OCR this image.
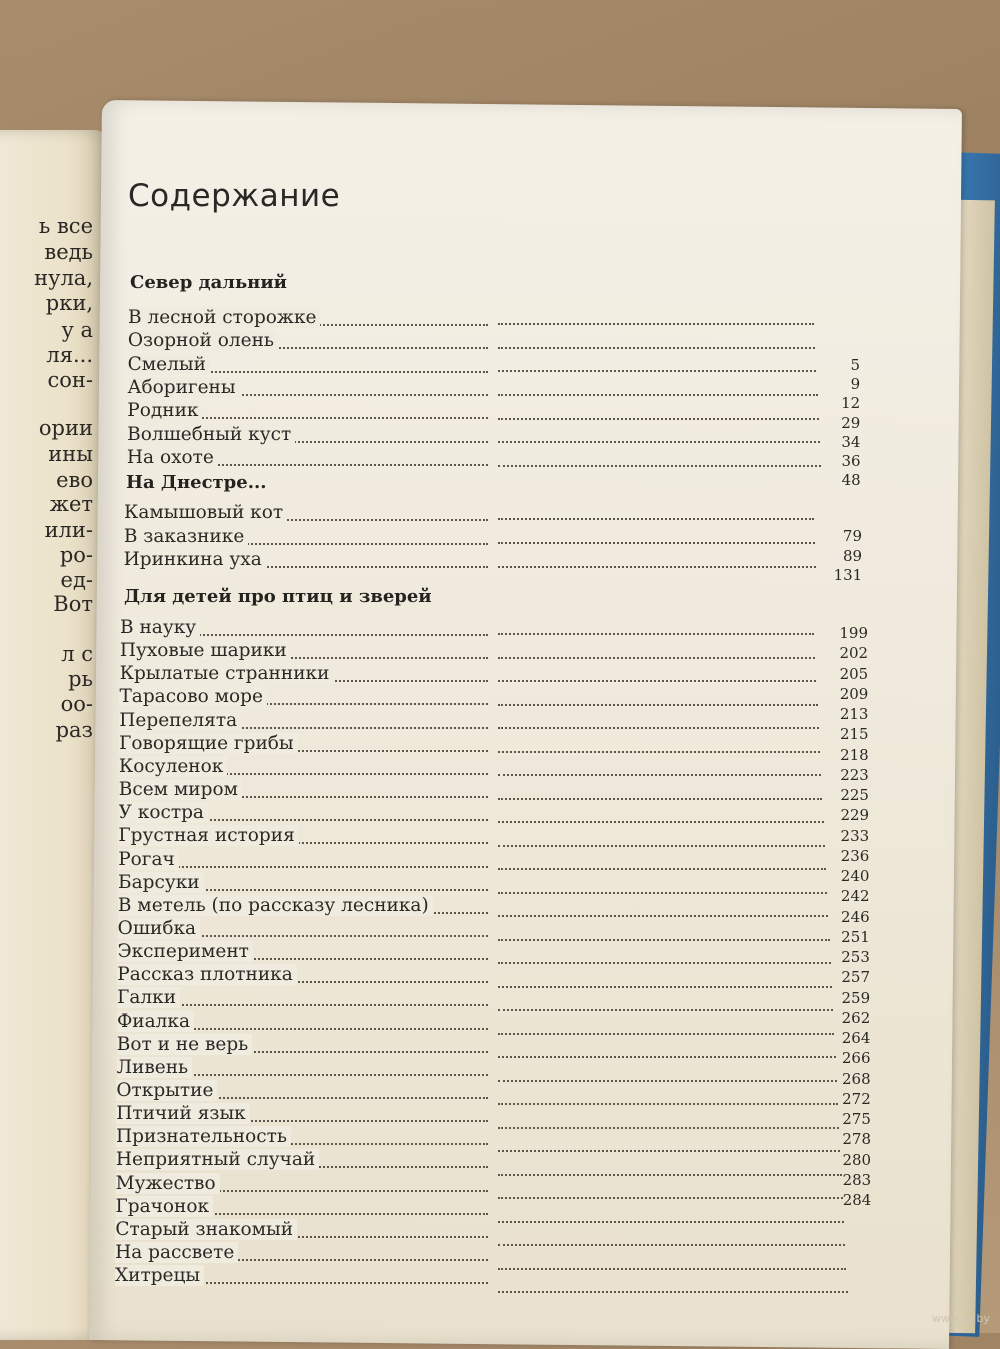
ь все
ведь
нула,
рки,
у а
ля...
сон-
ории
ины
ево
жет
или-
ро-
ед-
Вот
л с
рь
оо-
раз
Содержание
Север дальний
В лесной сторожке
Озорной олень
Смелый
Аборигены
Родник
Волшебный куст
На охоте
5
9
12
29
34
36
48
На Днестре...
Камышовый кот
В заказнике
Иринкина уха
79
89
131
Для детей про птиц и зверей
В науку
Пуховые шарики
Крылатые странники
Тарасово море
Перепелята
Говорящие грибы
Косуленок
Всем миром
У костра
Грустная история
Рогач
Барсуки
В метель (по рассказу лесника)
Ошибка
Эксперимент
Рассказ плотника
Галки
Фиалка
Вот и не верь
Ливень
Открытие
Птичий язык
Признательность
Неприятный случай
Мужество
Грачонок
Старый знакомый
На рассвете
Хитрецы
199
202
205
209
213
215
218
223
225
229
233
236
240
242
246
251
253
257
259
262
264
266
268
272
275
278
280
283
284
www.ay.by
